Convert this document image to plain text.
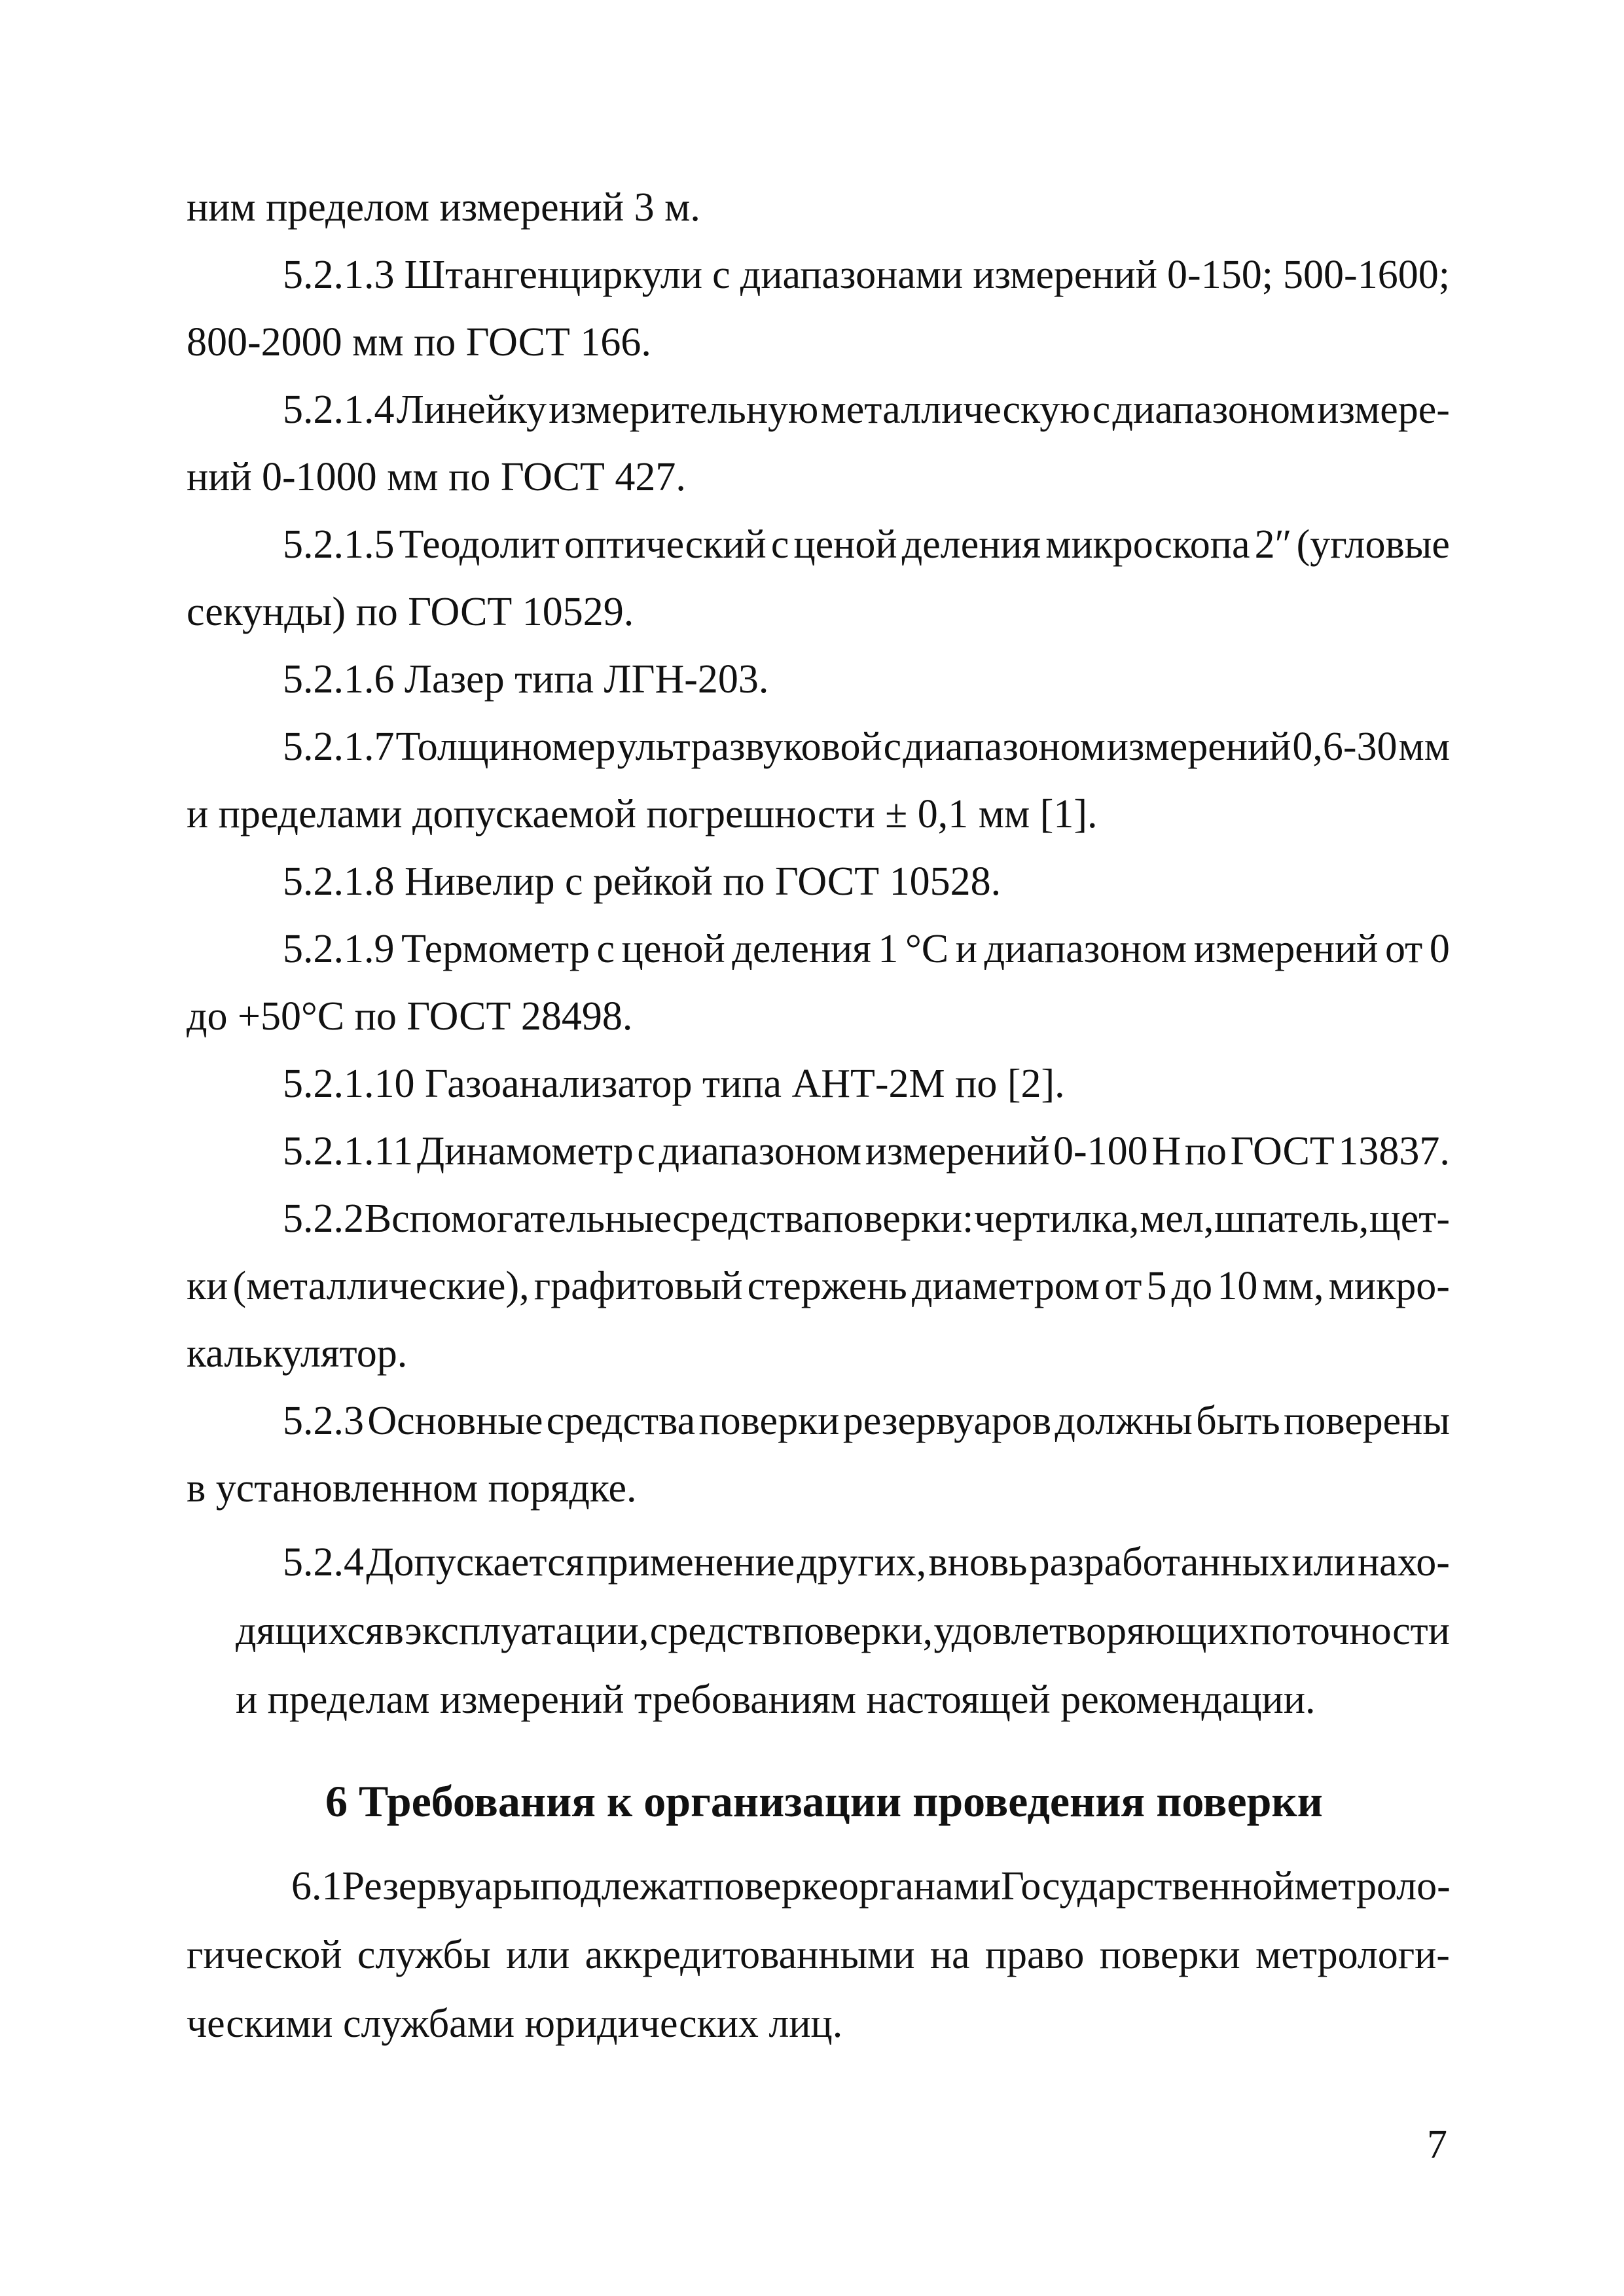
ним пределом измерений 3 м.
5.2.1.3 Штангенциркули с диапазонами измерений 0-150; 500-1600;
800-2000 мм по ГОСТ 166.
5.2.1.4 Линейку измерительную металлическую с диапазоном измере-
ний 0-1000 мм по ГОСТ 427.
5.2.1.5 Теодолит оптический с ценой деления микроскопа 2″ (угловые
секунды) по ГОСТ 10529.
5.2.1.6 Лазер типа ЛГН-203.
5.2.1.7 Толщиномер ультразвуковой с диапазоном измерений 0,6-30 мм
и пределами допускаемой погрешности ± 0,1 мм [1].
5.2.1.8 Нивелир с рейкой по ГОСТ 10528.
5.2.1.9 Термометр с ценой деления 1 °С и диапазоном измерений от 0
до +50°С по ГОСТ 28498.
5.2.1.10 Газоанализатор типа АНТ-2М по [2].
5.2.1.11 Динамометр с диапазоном измерений 0-100 Н по ГОСТ 13837.
5.2.2 Вспомогательные средства поверки: чертилка, мел, шпатель, щет-
ки (металлические), графитовый стержень диаметром от 5 до 10 мм, микро-
калькулятор.
5.2.3 Основные средства поверки резервуаров должны быть поверены
в установленном порядке.
5.2.4 Допускается применение других, вновь разработанных или нахо-
дящихся в эксплуатации, средств поверки, удовлетворяющих по точности
и пределам измерений требованиям настоящей рекомендации.
6 Требования к организации проведения поверки
6.1 Резервуары подлежат поверке органами Государственной метроло-
гической службы или аккредитованными на право поверки метрологи-
ческими службами юридических лиц.
7
